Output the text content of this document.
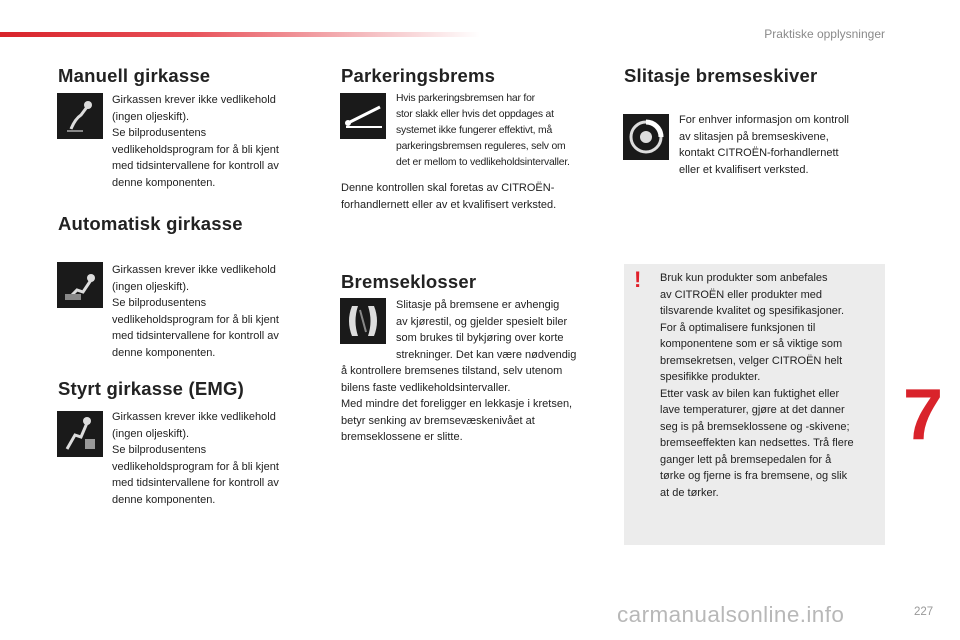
Praktiske opplysninger
Manuell girkasse

Girkassen krever ikke vedlikehold
(ingen oljeskift).
Se bilprodusentens
vedlikeholdsprogram for å bli kjent
med tidsintervallene for kontroll av
denne komponenten.

Automatisk girkasse

Girkassen krever ikke vedlikehold
(ingen oljeskift).
Se bilprodusentens
vedlikeholdsprogram for å bli kjent
med tidsintervallene for kontroll av
denne komponenten.

Styrt girkasse (EMG)

Girkassen krever ikke vedlikehold
(ingen oljeskift).
Se bilprodusentens
vedlikeholdsprogram for å bli kjent
med tidsintervallene for kontroll av
denne komponenten.

Parkeringsbrems

Hvis parkeringsbremsen har for
stor slakk eller hvis det oppdages at
systemet ikke fungerer effektivt, må
parkeringsbremsen reguleres, selv om
det er mellom to vedlikeholdsintervaller.

Denne kontrollen skal foretas av CITROËN-
forhandlernett eller av et kvalifisert verksted.

Bremseklosser

Slitasje på bremsene er avhengig
av kjørestil, og gjelder spesielt biler
som brukes til bykjøring over korte
strekninger. Det kan være nødvendig

å kontrollere bremsenes tilstand, selv utenom
bilens faste vedlikeholdsintervaller.
Med mindre det foreligger en lekkasje i kretsen,
betyr senking av bremsevæskenivået at
bremseklossene er slitte.

Slitasje bremseskiver

For enhver informasjon om kontroll
av slitasjen på bremseskivene,
kontakt CITROËN-forhandlernett
eller et kvalifisert verksted.

! Bruk kun produkter som anbefales
av CITROËN eller produkter med
tilsvarende kvalitet og spesifikasjoner.
For å optimalisere funksjonen til
komponentene som er så viktige som
bremsekretsen, velger CITROËN helt
spesifikke produkter.
Etter vask av bilen kan fuktighet eller
lave temperaturer, gjøre at det danner
seg is på bremseklossene og -skivene;
bremseeffekten kan nedsettes. Trå flere
ganger lett på bremsepedalen for å
tørke og fjerne is fra bremsene, og slik
at de tørker.

7
227
carmanualsonline.info
